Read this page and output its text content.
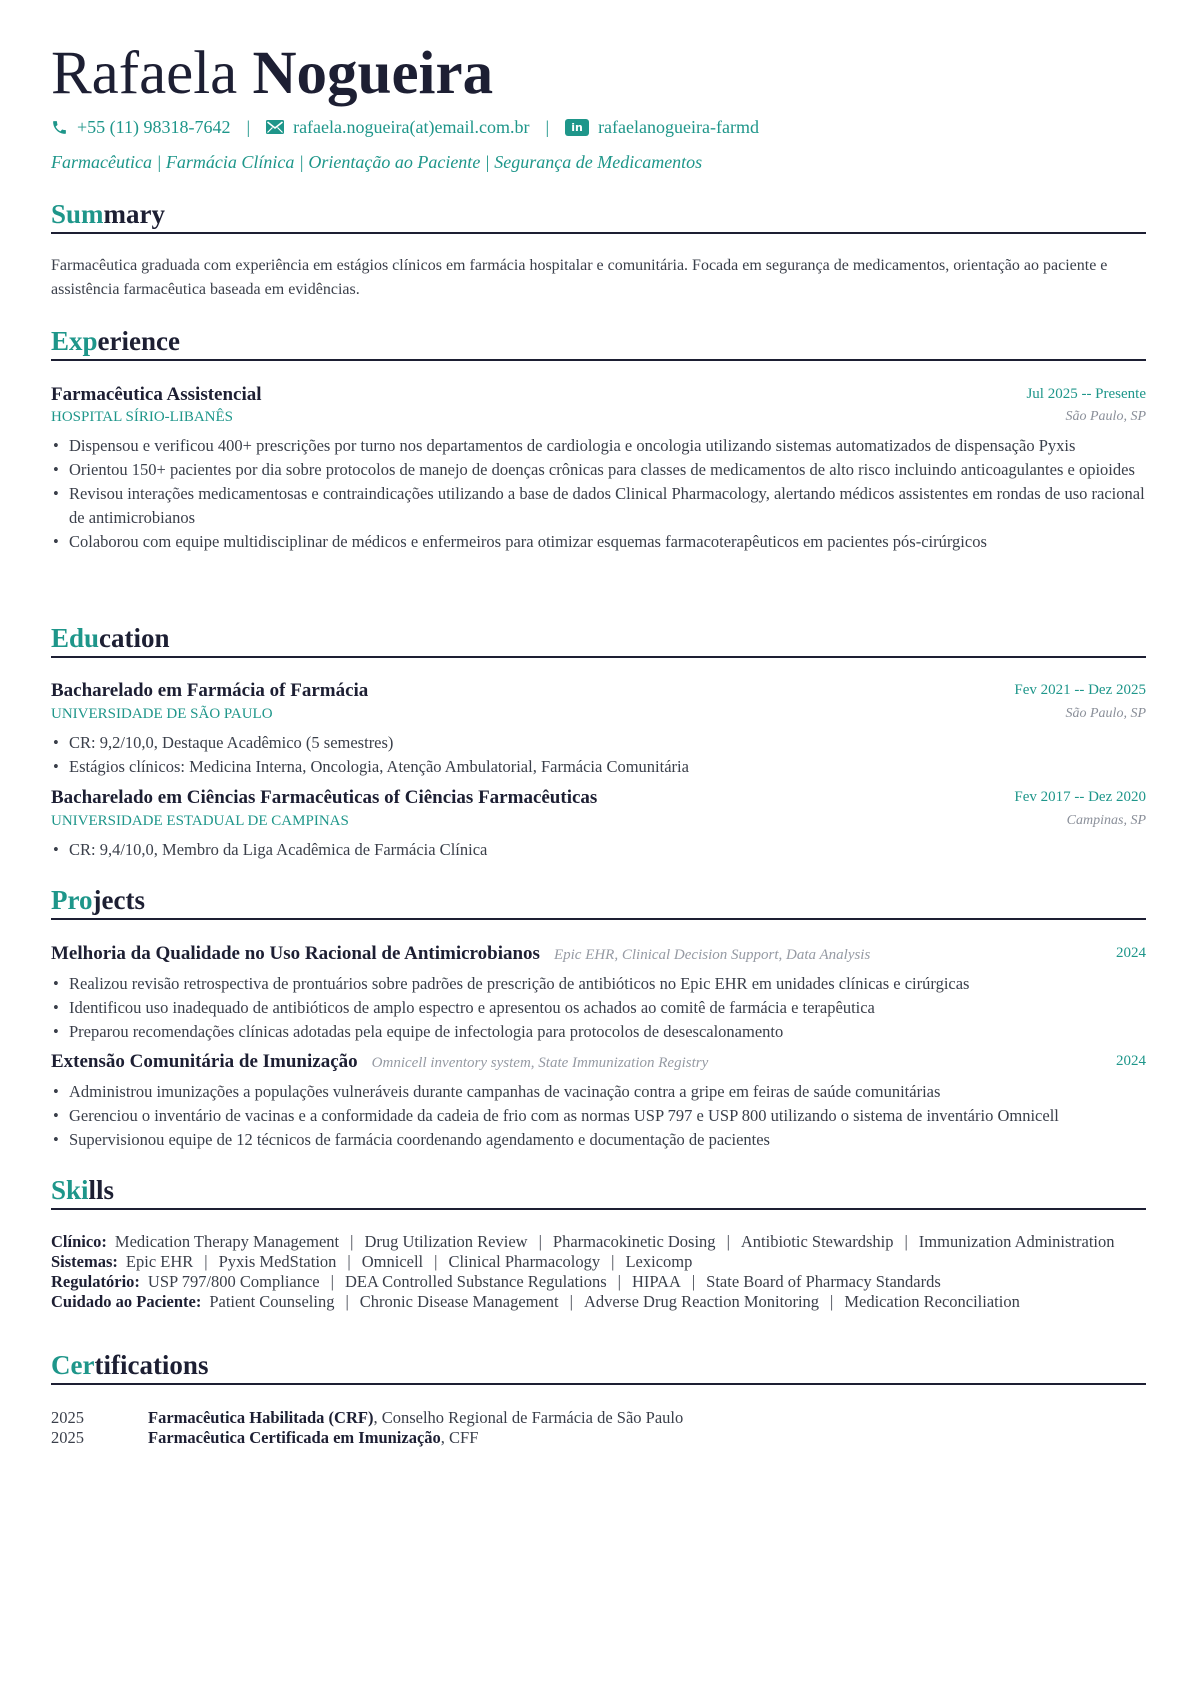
Rafaela Nogueira
+55 (11) 98318-7642 | rafaela.nogueira(at)email.com.br |	in rafaelanogueira-farmd
Farmacêutica | Farmácia Clínica | Orientação ao Paciente | Segurança de Medicamentos
Summary

Farmacêutica graduada com experiência em estágios clínicos em farmácia hospitalar e comunitária. Focada em segurança de medicamentos, orientação ao paciente e assistência farmacêutica baseada em evidências.

Experience
Farmacêutica Assistencial	Jul 2025 -- Presente
HOSPITAL SÍRIO-LIBANÊS	São Paulo, SP
• Dispensou e verificou 400+ prescrições por turno nos departamentos de cardiologia e oncologia utilizando sistemas automatizados de dispensação Pyxis
• Orientou 150+ pacientes por dia sobre protocolos de manejo de doenças crônicas para classes de medicamentos de alto risco incluindo anticoagulantes e opioides
• Revisou interações medicamentosas e contraindicações utilizando a base de dados Clinical Pharmacology, alertando médicos assistentes em rondas de uso racional de antimicrobianos
• Colaborou com equipe multidisciplinar de médicos e enfermeiros para otimizar esquemas farmacoterapêuticos em pacientes pós-cirúrgicos
Education
Bacharelado em Farmácia of Farmácia	Fev 2021 -- Dez 2025
UNIVERSIDADE DE SÃO PAULO	São Paulo, SP
• CR: 9,2/10,0, Destaque Acadêmico (5 semestres)
• Estágios clínicos: Medicina Interna, Oncologia, Atenção Ambulatorial, Farmácia Comunitária
Bacharelado em Ciências Farmacêuticas of Ciências Farmacêuticas	Fev 2017 -- Dez 2020
UNIVERSIDADE ESTADUAL DE CAMPINAS	Campinas, SP
• CR: 9,4/10,0, Membro da Liga Acadêmica de Farmácia Clínica
Projects
Melhoria da Qualidade no Uso Racional de Antimicrobianos Epic EHR, Clinical Decision Support, Data Analysis	2024
• Realizou revisão retrospectiva de prontuários sobre padrões de prescrição de antibióticos no Epic EHR em unidades clínicas e cirúrgicas
• Identificou uso inadequado de antibióticos de amplo espectro e apresentou os achados ao comitê de farmácia e terapêutica
• Preparou recomendações clínicas adotadas pela equipe de infectologia para protocolos de desescalonamento
Extensão Comunitária de Imunização Omnicell inventory system, State Immunization Registry	2024
• Administrou imunizações a populações vulneráveis durante campanhas de vacinação contra a gripe em feiras de saúde comunitárias
• Gerenciou o inventário de vacinas e a conformidade da cadeia de frio com as normas USP 797 e USP 800 utilizando o sistema de inventário Omnicell
• Supervisionou equipe de 12 técnicos de farmácia coordenando agendamento e documentação de pacientes
Skills
Clínico: Medication Therapy Management | Drug Utilization Review | Pharmacokinetic Dosing | Antibiotic Stewardship | Immunization Administration
Sistemas: Epic EHR | Pyxis MedStation | Omnicell | Clinical Pharmacology | Lexicomp
Regulatório: USP 797/800 Compliance | DEA Controlled Substance Regulations | HIPAA | State Board of Pharmacy Standards
Cuidado ao Paciente: Patient Counseling | Chronic Disease Management | Adverse Drug Reaction Monitoring | Medication Reconciliation
Certifications
2025	Farmacêutica Habilitada (CRF), Conselho Regional de Farmácia de São Paulo
2025	Farmacêutica Certificada em Imunização, CFF
